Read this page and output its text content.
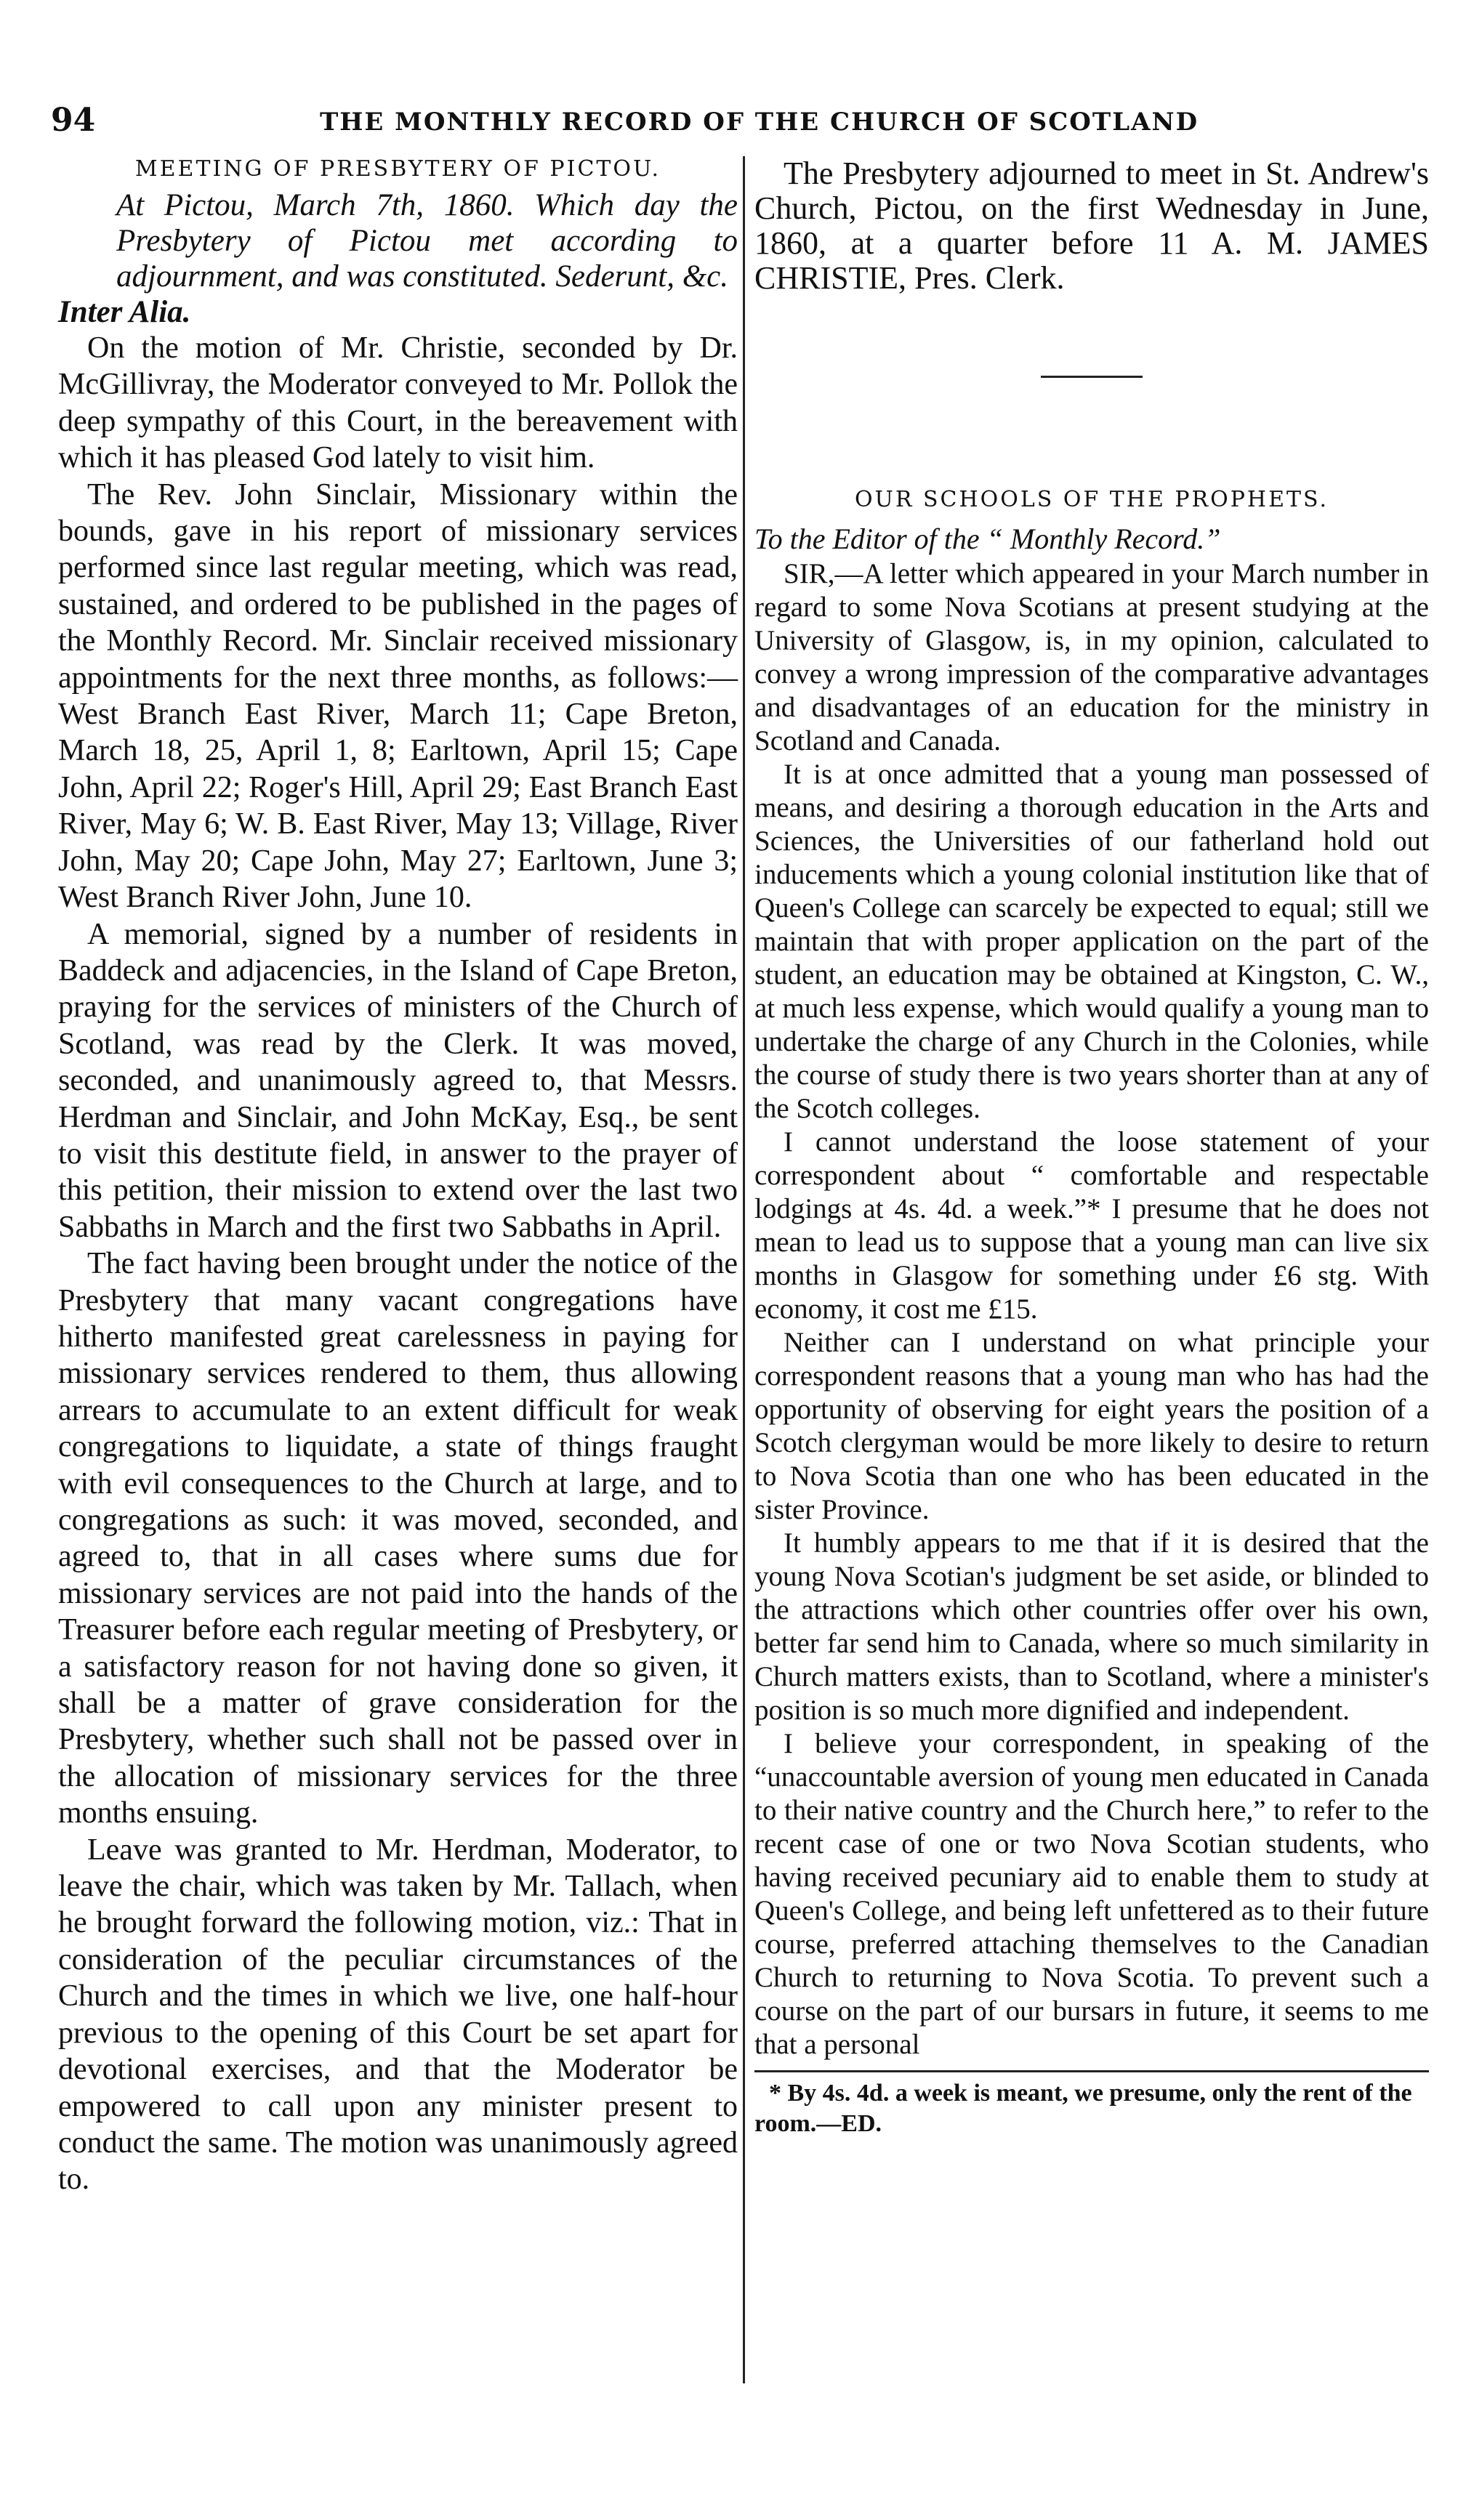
94	THE MONTHLY RECORD OF THE CHURCH OF SCOTLAND
MEETING OF PRESBYTERY OF PICTOU.

At Pictou, March 7th, 1860. Which day the Presbytery of Pictou met according to adjournment, and was constituted. Sederunt, &c.

Inter Alia.

On the motion of Mr. Christie, seconded by Dr. McGillivray, the Moderator conveyed to Mr. Pollok the deep sympathy of this Court, in the bereavement with which it has pleased God lately to visit him.

The Rev. John Sinclair, Missionary within the bounds, gave in his report of missionary services performed since last regular meeting, which was read, sustained, and ordered to be published in the pages of the Monthly Record. Mr. Sinclair received missionary appointments for the next three months, as follows:—West Branch East River, March 11; Cape Breton, March 18, 25, April 1, 8; Earltown, April 15; Cape John, April 22; Roger's Hill, April 29; East Branch East River, May 6; W. B. East River, May 13; Village, River John, May 20; Cape John, May 27; Earltown, June 3; West Branch River John, June 10.

A memorial, signed by a number of residents in Baddeck and adjacencies, in the Island of Cape Breton, praying for the services of ministers of the Church of Scotland, was read by the Clerk. It was moved, seconded, and unanimously agreed to, that Messrs. Herdman and Sinclair, and John McKay, Esq., be sent to visit this destitute field, in answer to the prayer of this petition, their mission to extend over the last two Sabbaths in March and the first two Sabbaths in April.

The fact having been brought under the notice of the Presbytery that many vacant congregations have hitherto manifested great carelessness in paying for missionary services rendered to them, thus allowing arrears to accumulate to an extent difficult for weak congregations to liquidate, a state of things fraught with evil consequences to the Church at large, and to congregations as such: it was moved, seconded, and agreed to, that in all cases where sums due for missionary services are not paid into the hands of the Treasurer before each regular meeting of Presbytery, or a satisfactory reason for not having done so given, it shall be a matter of grave consideration for the Presbytery, whether such shall not be passed over in the allocation of missionary services for the three months ensuing.

Leave was granted to Mr. Herdman, Moderator, to leave the chair, which was taken by Mr. Tallach, when he brought forward the following motion, viz.: That in consideration of the peculiar circumstances of the Church and the times in which we live, one half-hour previous to the opening of this Court be set apart for devotional exercises, and that the Moderator be empowered to call upon any minister present to conduct the same. The motion was unanimously agreed to.

The Presbytery adjourned to meet in St. Andrew's Church, Pictou, on the first Wednesday in June, 1860, at a quarter before 11 A. M. JAMES CHRISTIE, Pres. Clerk.

OUR SCHOOLS OF THE PROPHETS.

To the Editor of the “ Monthly Record.”

SIR,—A letter which appeared in your March number in regard to some Nova Scotians at present studying at the University of Glasgow, is, in my opinion, calculated to convey a wrong impression of the comparative advantages and disadvantages of an education for the ministry in Scotland and Canada.

It is at once admitted that a young man possessed of means, and desiring a thorough education in the Arts and Sciences, the Universities of our fatherland hold out inducements which a young colonial institution like that of Queen's College can scarcely be expected to equal; still we maintain that with proper application on the part of the student, an education may be obtained at Kingston, C. W., at much less expense, which would qualify a young man to undertake the charge of any Church in the Colonies, while the course of study there is two years shorter than at any of the Scotch colleges.

I cannot understand the loose statement of your correspondent about “ comfortable and respectable lodgings at 4s. 4d. a week.”* I presume that he does not mean to lead us to suppose that a young man can live six months in Glasgow for something under £6 stg. With economy, it cost me £15.

Neither can I understand on what principle your correspondent reasons that a young man who has had the opportunity of observing for eight years the position of a Scotch clergyman would be more likely to desire to return to Nova Scotia than one who has been educated in the sister Province.

It humbly appears to me that if it is desired that the young Nova Scotian's judgment be set aside, or blinded to the attractions which other countries offer over his own, better far send him to Canada, where so much similarity in Church matters exists, than to Scotland, where a minister's position is so much more dignified and independent.

I believe your correspondent, in speaking of the “unaccountable aversion of young men educated in Canada to their native country and the Church here,” to refer to the recent case of one or two Nova Scotian students, who having received pecuniary aid to enable them to study at Queen's College, and being left unfettered as to their future course, preferred attaching themselves to the Canadian Church to returning to Nova Scotia. To prevent such a course on the part of our bursars in future, it seems to me that a personal

* By 4s. 4d. a week is meant, we presume, only the rent of the room.—ED.
